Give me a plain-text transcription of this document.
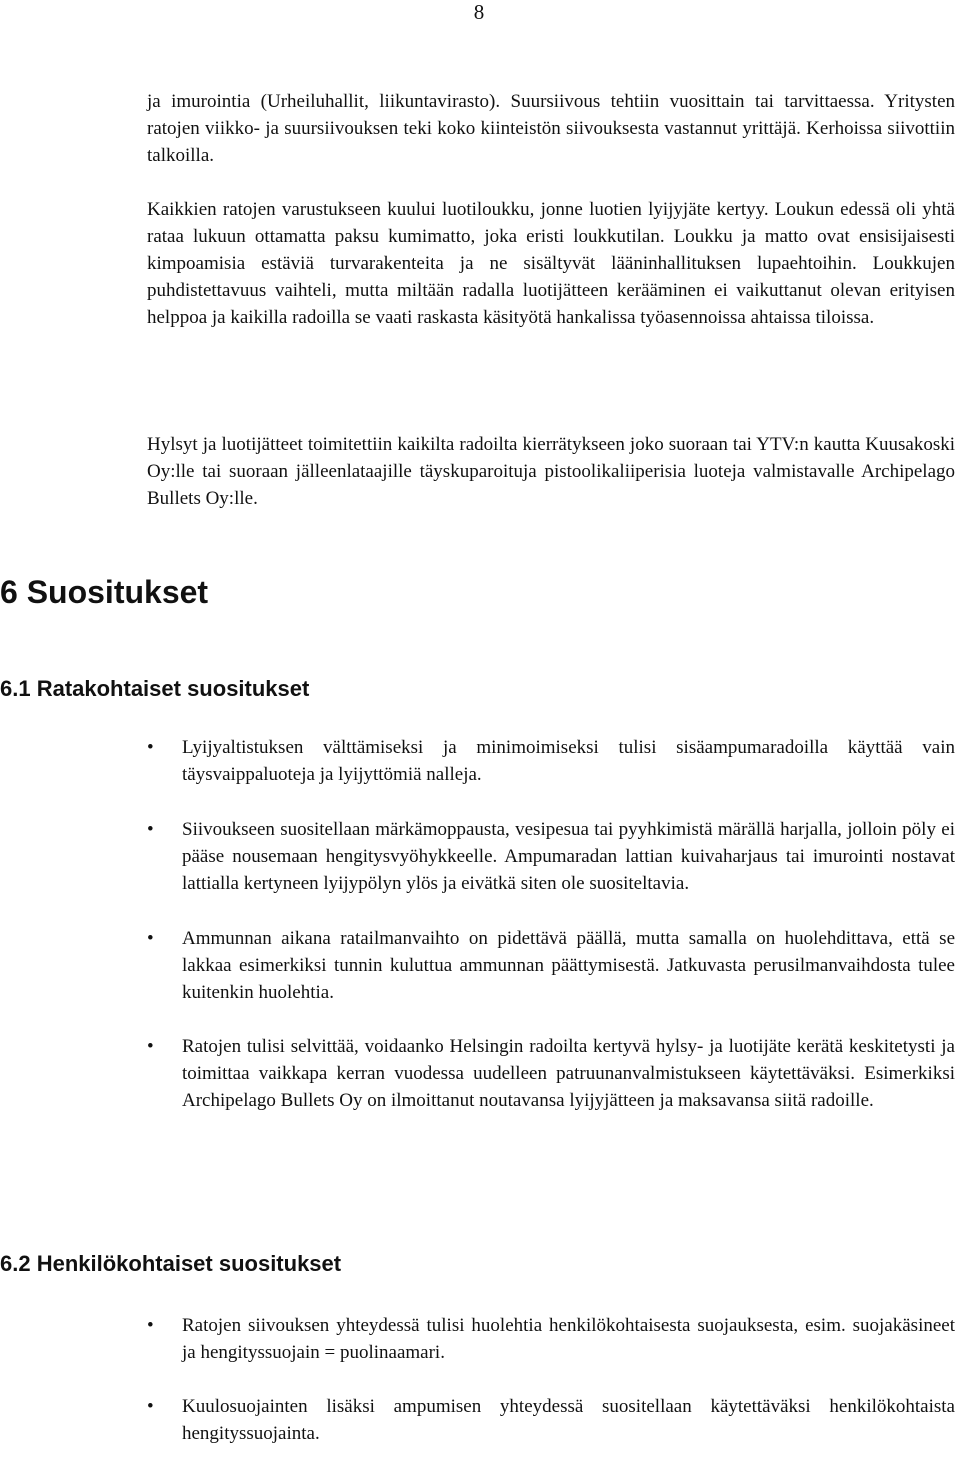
8

ja imurointia (Urheiluhallit, liikuntavirasto). Suursiivous tehtiin vuosittain tai tarvittaessa. Yritysten ratojen viikko- ja suursiivouksen teki koko kiinteistön siivouksesta vastannut yrittäjä. Kerhoissa siivottiin talkoilla.

Kaikkien ratojen varustukseen kuului luotiloukku, jonne luotien lyijyjäte kertyy. Loukun edessä oli yhtä rataa lukuun ottamatta paksu kumimatto, joka eristi loukkutilan. Loukku ja matto ovat ensisijaisesti kimpoamisia estäviä turvarakenteita ja ne sisältyvät lääninhallituksen lupaehtoihin. Loukkujen puhdistettavuus vaihteli, mutta miltään radalla luotijätteen kerääminen ei vaikuttanut olevan erityisen helppoa ja kaikilla radoilla se vaati raskasta käsityötä hankalissa työasennoissa ahtaissa tiloissa.

Hylsyt ja luotijätteet toimitettiin kaikilta radoilta kierrätykseen joko suoraan tai YTV:n kautta Kuusakoski Oy:lle tai suoraan jälleenlataajille täyskuparoituja pistoolikaliiperisia luoteja valmistavalle Archipelago Bullets Oy:lle.

6 Suositukset
6.1 Ratakohtaiset suositukset
•	Lyijyaltistuksen välttämiseksi ja minimoimiseksi tulisi sisäampumaradoilla käyttää vain täysvaippaluoteja ja lyijyttömiä nalleja.
•	Siivoukseen suositellaan märkämoppausta, vesipesua tai pyyhkimistä märällä harjalla, jolloin pöly ei pääse nousemaan hengitysvyöhykkeelle. Ampumaradan lattian kuivaharjaus tai imurointi nostavat lattialla kertyneen lyijypölyn ylös ja eivätkä siten ole suositeltavia.
•	Ammunnan aikana ratailmanvaihto on pidettävä päällä, mutta samalla on huolehdittava, että se lakkaa esimerkiksi tunnin kuluttua ammunnan päättymisestä. Jatkuvasta perusilmanvaihdosta tulee kuitenkin huolehtia.
•	Ratojen tulisi selvittää, voidaanko Helsingin radoilta kertyvä hylsy- ja luotijäte kerätä keskitetysti ja toimittaa vaikkapa kerran vuodessa uudelleen patruunanvalmistukseen käytettäväksi. Esimerkiksi Archipelago Bullets Oy on ilmoittanut noutavansa lyijyjätteen ja maksavansa siitä radoille.
6.2 Henkilökohtaiset suositukset
•	Ratojen siivouksen yhteydessä tulisi huolehtia henkilökohtaisesta suojauksesta, esim. suojakäsineet ja hengityssuojain = puolinaamari.
•	Kuulosuojainten lisäksi ampumisen yhteydessä suositellaan käytettäväksi henkilökohtaista hengityssuojainta.
